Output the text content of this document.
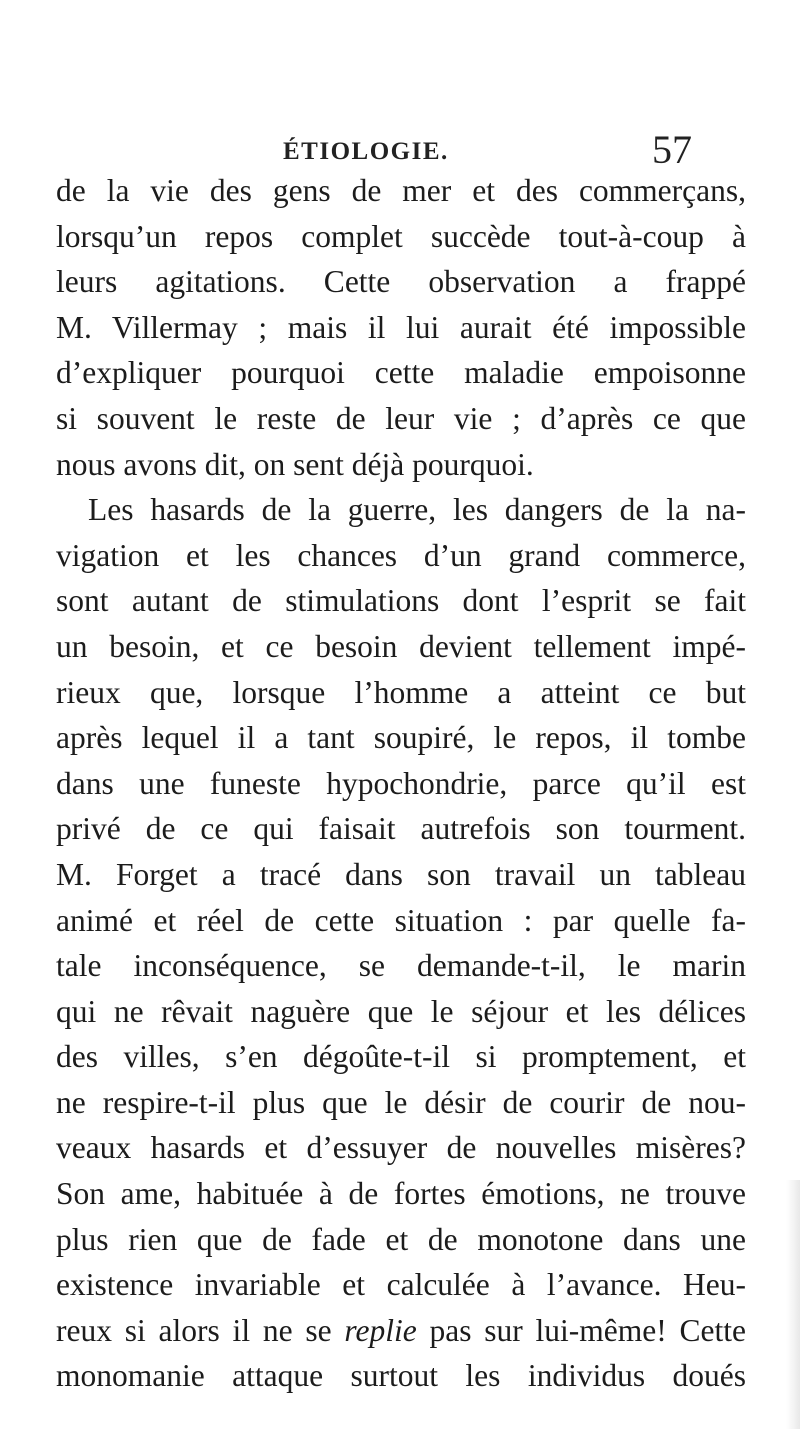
ÉTIOLOGIE.	57
de la vie des gens de mer et des commerçans,
lorsqu’un repos complet succède tout-à-coup à
leurs agitations. Cette observation a frappé
M. Villermay ; mais il lui aurait été impossible
d’expliquer pourquoi cette maladie empoisonne
si souvent le reste de leur vie ; d’après ce que
nous avons dit, on sent déjà pourquoi.
Les hasards de la guerre, les dangers de la na-
vigation et les chances d’un grand commerce,
sont autant de stimulations dont l’esprit se fait
un besoin, et ce besoin devient tellement impé-
rieux que, lorsque l’homme a atteint ce but
après lequel il a tant soupiré, le repos, il tombe
dans une funeste hypochondrie, parce qu’il est
privé de ce qui faisait autrefois son tourment.
M. Forget a tracé dans son travail un tableau
animé et réel de cette situation : par quelle fa-
tale inconséquence, se demande-t-il, le marin
qui ne rêvait naguère que le séjour et les délices
des villes, s’en dégoûte-t-il si promptement, et
ne respire-t-il plus que le désir de courir de nou-
veaux hasards et d’essuyer de nouvelles misères?
Son ame, habituée à de fortes émotions, ne trouve
plus rien que de fade et de monotone dans une
existence invariable et calculée à l’avance. Heu-
reux si alors il ne se replie pas sur lui-même! Cette
monomanie attaque surtout les individus doués
